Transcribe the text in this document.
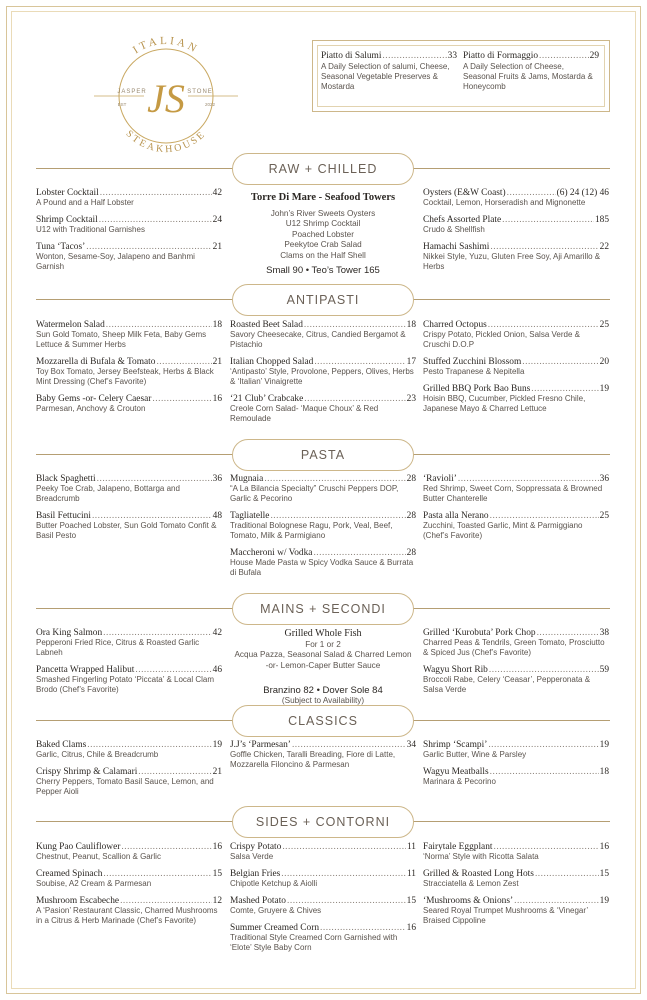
ITALIAN
STEAKHOUSE
JS
JASPER	STONE
EST	2022
Piatto di Salumi .....	33
A Daily Selection of salumi, Cheese, Seasonal Vegetable Preserves & Mostarda
Piatto di Formaggio .....	29
A Daily Selection of Cheese, Seasonal Fruits & Jams, Mostarda & Honeycomb
RAW + CHILLED
Lobster Cocktail .....	42
A Pound and a Half Lobster
Shrimp Cocktail .....	24
U12 with Traditional Garnishes
Tuna ‘Tacos’ .....	21
Wonton, Sesame-Soy, Jalapeno and Banhmi Garnish
Torre Di Mare - Seafood Towers
John’s River Sweets Oysters
U12 Shrimp Cocktail
Poached Lobster
Peekytoe Crab Salad
Clams on the Half Shell
Small 90 • Teo’s Tower 165
Oysters (E&W Coast) .....	(6) 24 (12) 46
Cocktail, Lemon, Horseradish and Mignonette
Chefs Assorted Plate .....	185
Crudo & Shellfish
Hamachi Sashimi .....	22
Nikkei Style, Yuzu, Gluten Free Soy, Aji Amarillo & Herbs
ANTIPASTI
Watermelon Salad .....	18
Sun Gold Tomato, Sheep Milk Feta, Baby Gems Lettuce & Summer Herbs
Mozzarella di Bufala & Tomato .....	21
Toy Box Tomato, Jersey Beefsteak, Herbs & Black Mint Dressing (Chef’s Favorite)
Baby Gems -or- Celery Caesar .....	16
Parmesan, Anchovy & Crouton
Roasted Beet Salad .....	18
Savory Cheesecake, Citrus, Candied Bergamot & Pistachio
Italian Chopped Salad .....	17
‘Antipasto’ Style, Provolone, Peppers, Olives, Herbs & ‘Italian’ Vinaigrette
‘21 Club’ Crabcake .....	23
Creole Corn Salad- ‘Maque Choux’ & Red Remoulade
Charred Octopus .....	25
Crispy Potato, Pickled Onion, Salsa Verde & Cruschi D.O.P
Stuffed Zucchini Blossom .....	20
Pesto Trapanese & Nepitella
Grilled BBQ Pork Bao Buns .....	19
Hoisin BBQ, Cucumber, Pickled Fresno Chile, Japanese Mayo & Charred Lettuce
PASTA
Black Spaghetti .....	36
Peeky Toe Crab, Jalapeno, Bottarga and Breadcrumb
Basil Fettucini .....	48
Butter Poached Lobster, Sun Gold Tomato Confit & Basil Pesto
Mugnaia .....	28
“A La Bilancia Specialty” Cruschi Peppers DOP, Garlic & Pecorino
Tagliatelle .....	28
Traditional Bolognese Ragu, Pork, Veal, Beef, Tomato, Milk & Parmigiano
Maccheroni w/ Vodka .....	28
House Made Pasta w Spicy Vodka Sauce & Burrata di Bufala
‘Ravioli’ .....	36
Red Shrimp, Sweet Corn, Soppressata & Browned Butter Chanterelle
Pasta alla Nerano .....	25
Zucchini, Toasted Garlic, Mint & Parmiggiano (Chef’s Favorite)
MAINS + SECONDI
Ora King Salmon .....	42
Pepperoni Fried Rice, Citrus & Roasted Garlic Labneh
Pancetta Wrapped Halibut .....	46
Smashed Fingerling Potato ‘Piccata’ & Local Clam Brodo (Chef’s Favorite)
Grilled Whole Fish
For 1 or 2
Acqua Pazza, Seasonal Salad & Charred Lemon
-or- Lemon-Caper Butter Sauce
Branzino 82 • Dover Sole 84
(Subject to Availability)
Grilled ‘Kurobuta’ Pork Chop .....	38
Charred Peas & Tendrils, Green Tomato, Prosciutto & Spiced Jus (Chef’s Favorite)
Wagyu Short Rib .....	59
Broccoli Rabe, Celery ‘Ceasar’, Pepperonata & Salsa Verde
CLASSICS
Baked Clams .....	19
Garlic, Citrus, Chile & Breadcrumb
Crispy Shrimp & Calamari .....	21
Cherry Peppers, Tomato Basil Sauce, Lemon, and Pepper Aioli
J.J’s ‘Parmesan’ .....	34
Goffle Chicken, Taralli Breading, Fiore di Latte, Mozzarella Filoncino & Parmesan
Shrimp ‘Scampi’ .....	19
Garlic Butter, Wine & Parsley
Wagyu Meatballs .....	18
Marinara & Pecorino
SIDES + CONTORNI
Kung Pao Cauliflower .....	16
Chestnut, Peanut, Scallion & Garlic
Creamed Spinach .....	15
Soubise, A2 Cream & Parmesan
Mushroom Escabeche .....	12
A ‘Pasion’ Restaurant Classic, Charred Mushrooms in a Citrus & Herb Marinade (Chef’s Favorite)
Crispy Potato .....	11
Salsa Verde
Belgian Fries .....	11
Chipotle Ketchup & Aiolli
Mashed Potato .....	15
Comte, Gruyere & Chives
Summer Creamed Corn .....	16
Traditional Style Creamed Corn Garnished with ‘Elote’ Style Baby Corn
Fairytale Eggplant .....	16
‘Norma’ Style with Ricotta Salata
Grilled & Roasted Long Hots .....	15
Stracciatella & Lemon Zest
‘Mushrooms & Onions’ .....	19
Seared Royal Trumpet Mushrooms & ‘Vinegar’ Braised Cippoline
